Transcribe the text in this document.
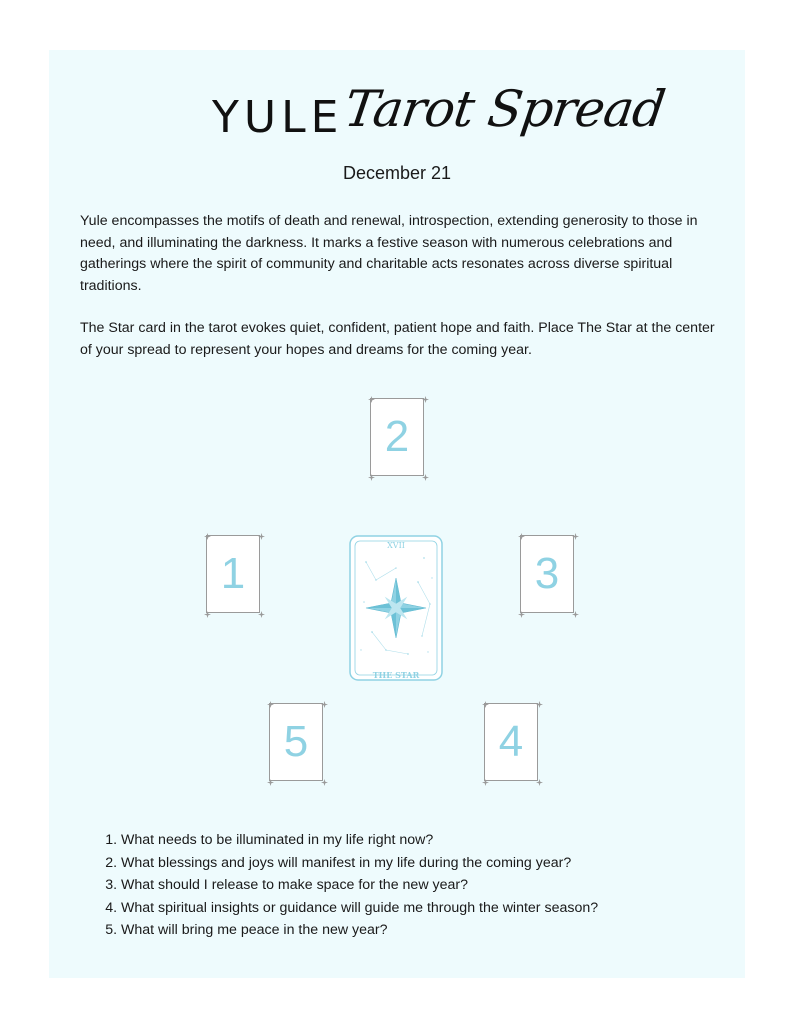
YULE
Tarot Spread
December 21

Yule encompasses the motifs of death and renewal, introspection, extending generosity to those in need, and illuminating the darkness. It marks a festive season with numerous celebrations and gatherings where the spirit of community and charitable acts resonates across diverse spiritual traditions.

The Star card in the tarot evokes quiet, confident, patient hope and faith. Place The Star at the center of your spread to represent your hopes and dreams for the coming year.

2
1	3
5	4
XVII
THE STAR
1. What needs to be illuminated in my life right now?
2. What blessings and joys will manifest in my life during the coming year?
3. What should I release to make space for the new year?
4. What spiritual insights or guidance will guide me through the winter season?
5. What will bring me peace in the new year?
